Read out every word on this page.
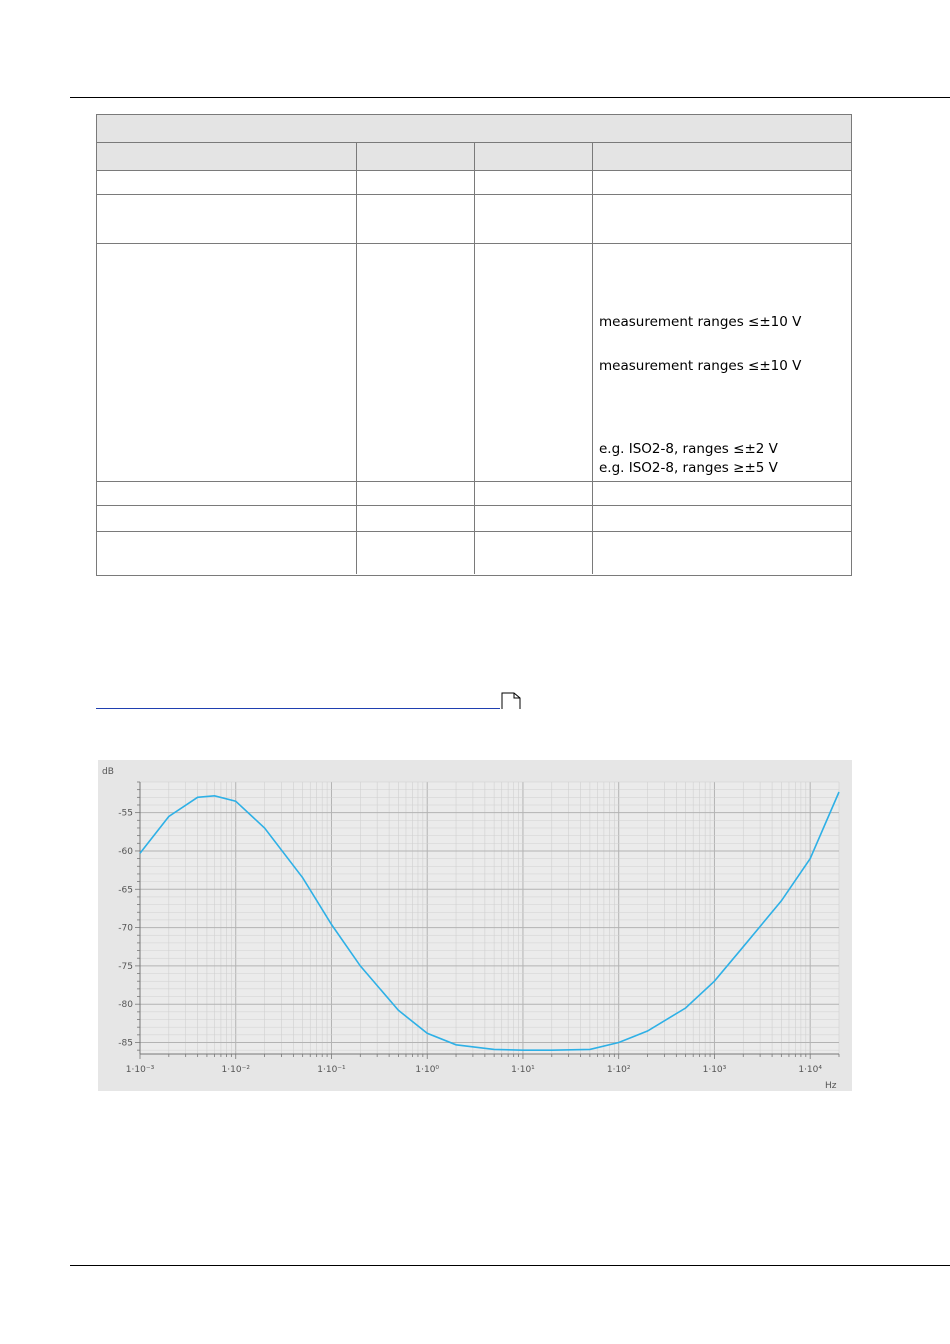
measurement ranges ≤±10 V
measurement ranges ≤±10 V
e.g. ISO2-8, ranges ≤±2 V
e.g. ISO2-8, ranges ≥±5 V
-55
-60
-65
-70
-75
-80
-85
1·10⁻³	1·10⁻²	1·10⁻¹	1·10⁰	1·10¹	1·10²	1·10³	1·10⁴
dB
Hz
